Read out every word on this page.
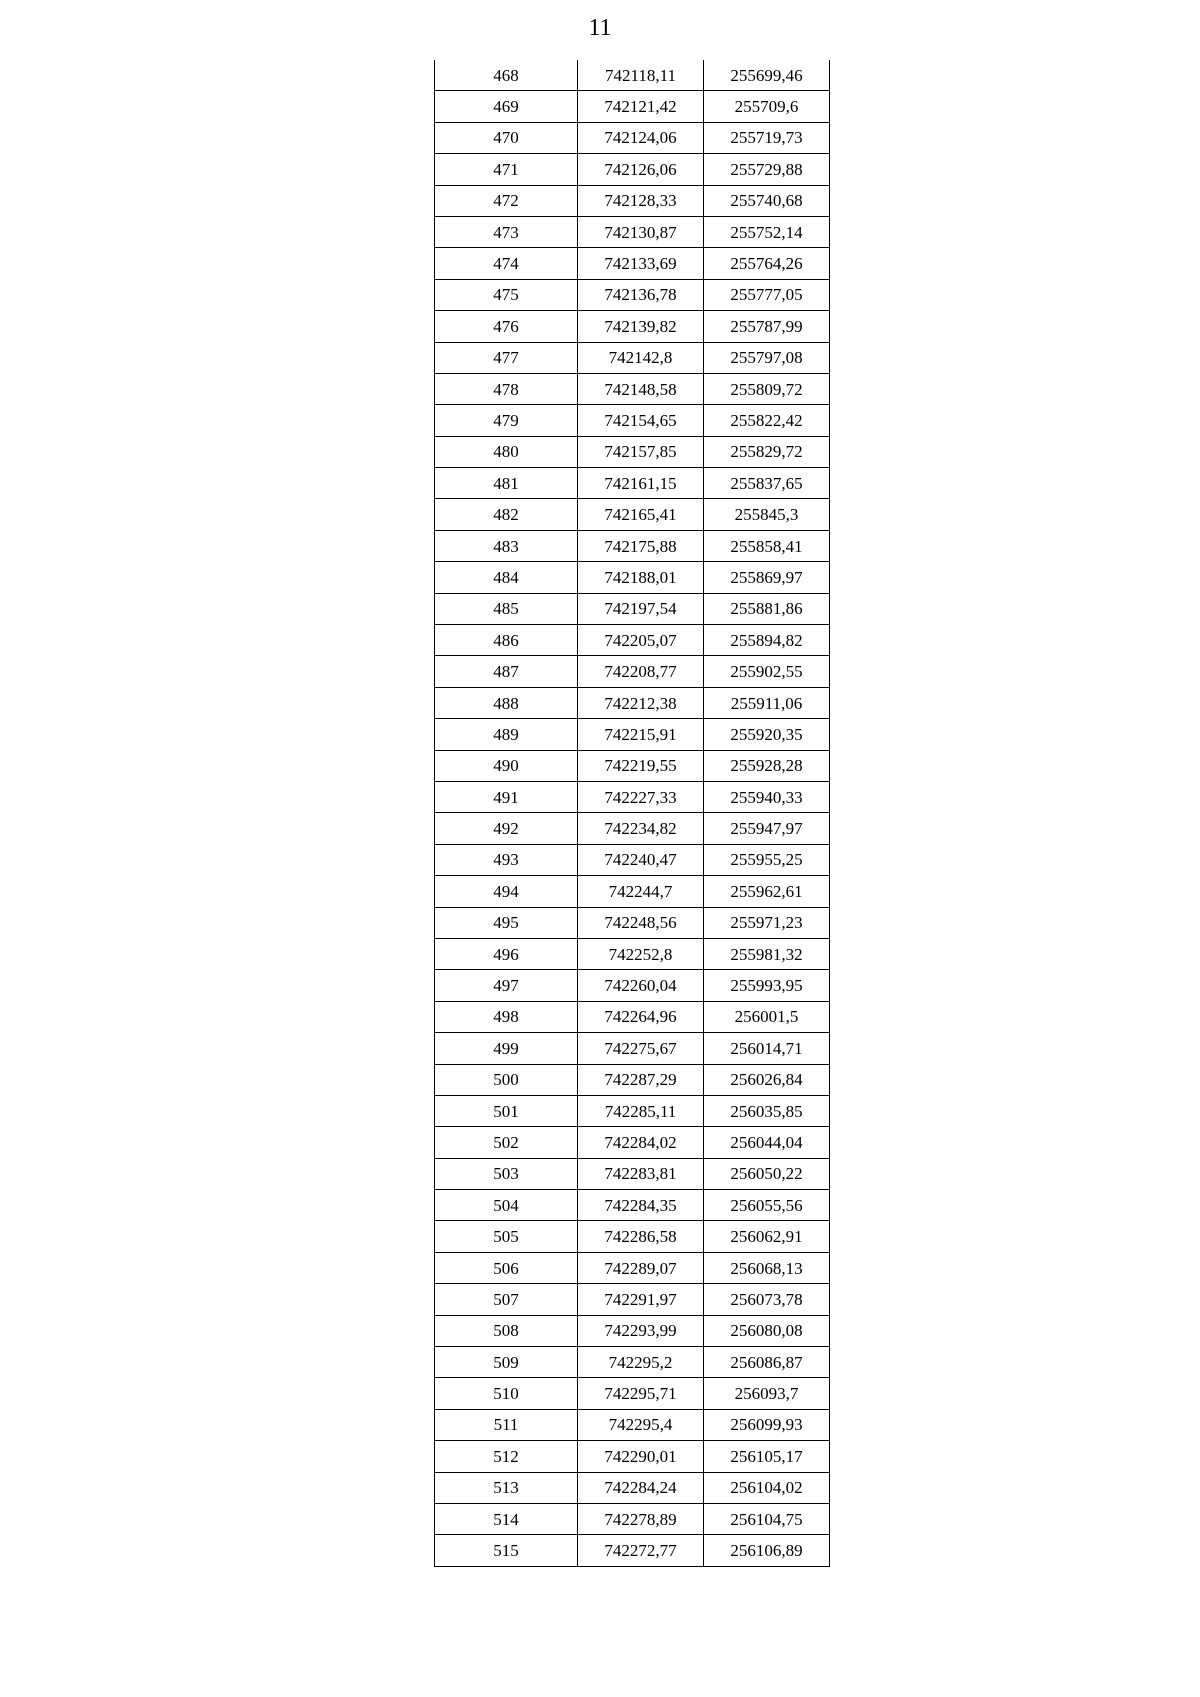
11
468	742118,11	255699,46
469	742121,42	255709,6
470	742124,06	255719,73
471	742126,06	255729,88
472	742128,33	255740,68
473	742130,87	255752,14
474	742133,69	255764,26
475	742136,78	255777,05
476	742139,82	255787,99
477	742142,8	255797,08
478	742148,58	255809,72
479	742154,65	255822,42
480	742157,85	255829,72
481	742161,15	255837,65
482	742165,41	255845,3
483	742175,88	255858,41
484	742188,01	255869,97
485	742197,54	255881,86
486	742205,07	255894,82
487	742208,77	255902,55
488	742212,38	255911,06
489	742215,91	255920,35
490	742219,55	255928,28
491	742227,33	255940,33
492	742234,82	255947,97
493	742240,47	255955,25
494	742244,7	255962,61
495	742248,56	255971,23
496	742252,8	255981,32
497	742260,04	255993,95
498	742264,96	256001,5
499	742275,67	256014,71
500	742287,29	256026,84
501	742285,11	256035,85
502	742284,02	256044,04
503	742283,81	256050,22
504	742284,35	256055,56
505	742286,58	256062,91
506	742289,07	256068,13
507	742291,97	256073,78
508	742293,99	256080,08
509	742295,2	256086,87
510	742295,71	256093,7
511	742295,4	256099,93
512	742290,01	256105,17
513	742284,24	256104,02
514	742278,89	256104,75
515	742272,77	256106,89
